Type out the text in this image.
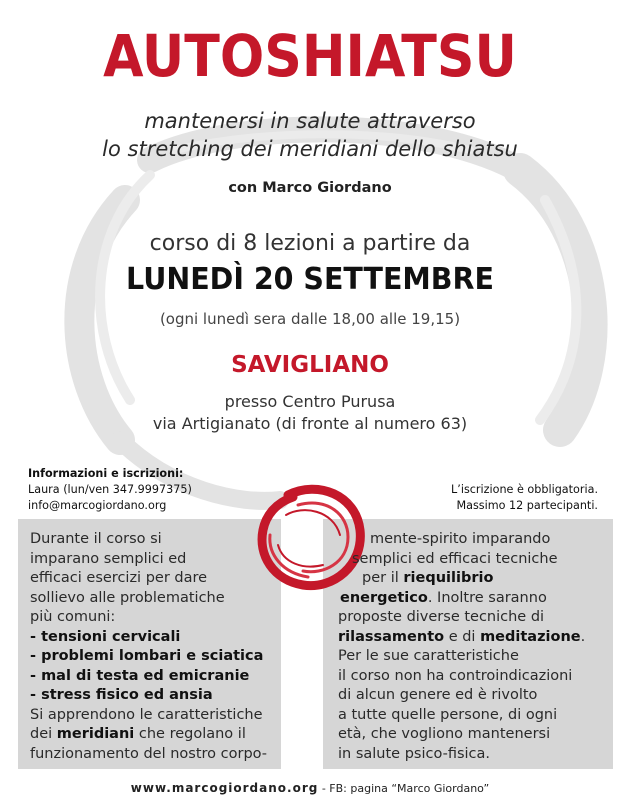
AUTOSHIATSU
mantenersi in salute attraverso
lo stretching dei meridiani dello shiatsu
con Marco Giordano
corso di 8 lezioni a partire da
LUNEDÌ 20 SETTEMBRE
(ogni lunedì sera dalle 18,00 alle 19,15)
SAVIGLIANO
presso Centro Purusa
via Artigianato (di fronte al numero 63)
Informazioni e iscrizioni:
Laura (lun/ven 347.9997375)
info@marcogiordano.org
L’iscrizione è obbligatoria.
Massimo 12 partecipanti.
Durante il corso si
imparano semplici ed
efficaci esercizi per dare
sollievo alle problematiche
più comuni:
- tensioni cervicali
- problemi lombari e sciatica
- mal di testa ed emicranie
- stress fisico ed ansia
Si apprendono le caratteristiche
dei meridiani che regolano il
funzionamento del nostro corpo-
mente-spirito imparando
semplici ed efficaci tecniche
per il riequilibrio
energetico. Inoltre saranno
proposte diverse tecniche di
rilassamento e di meditazione.
Per le sue caratteristiche
il corso non ha controindicazioni
di alcun genere ed è rivolto
a tutte quelle persone, di ogni
età, che vogliono mantenersi
in salute psico-fisica.
www.marcogiordano.org - FB: pagina “Marco Giordano”
